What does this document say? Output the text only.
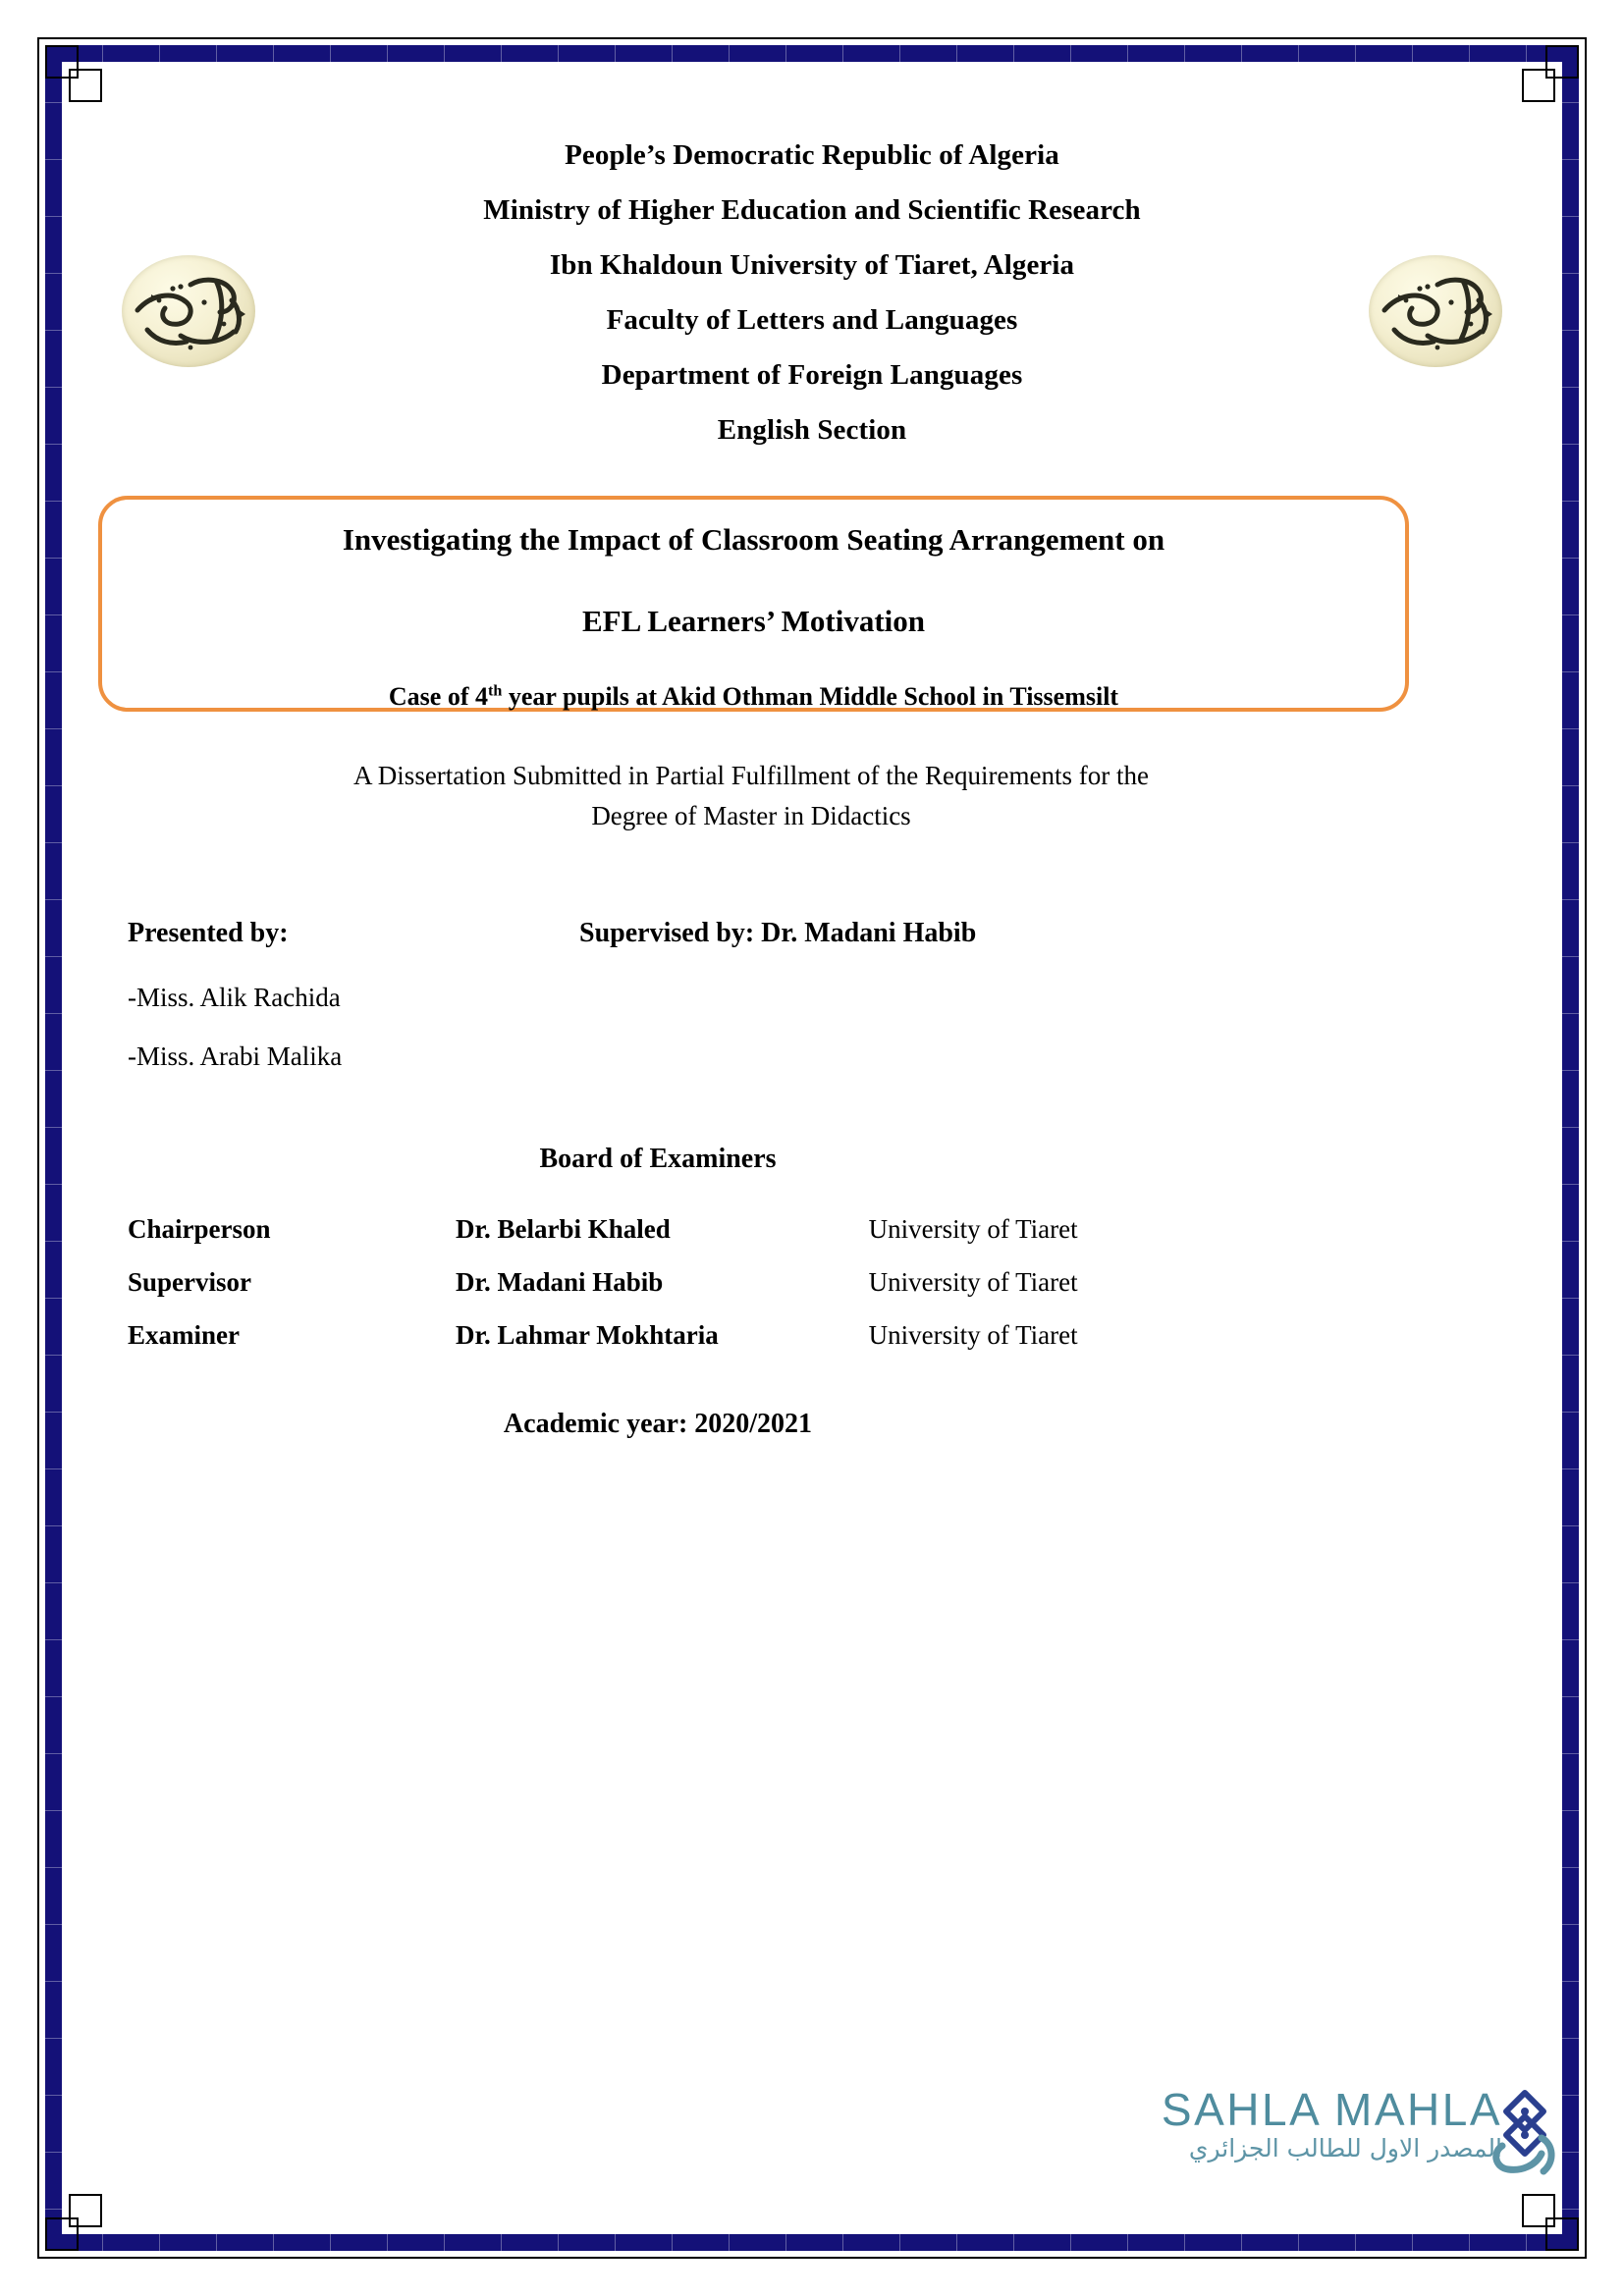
People’s Democratic Republic of Algeria
Ministry of Higher Education and Scientific Research
Ibn Khaldoun University of Tiaret, Algeria
Faculty of Letters and Languages
Department of Foreign Languages
English Section
Investigating the Impact of Classroom Seating Arrangement on
EFL Learners’ Motivation
Case of 4th year pupils at Akid Othman Middle School in Tissemsilt
A Dissertation Submitted in Partial Fulfillment of the Requirements for the
Degree of Master in Didactics
Presented by:	Supervised by: Dr. Madani Habib
-Miss. Alik Rachida
-Miss. Arabi Malika
Board of Examiners
Chairperson	Dr. Belarbi Khaled	University of Tiaret
Supervisor	Dr. Madani Habib	University of Tiaret
Examiner	Dr. Lahmar Mokhtaria	University of Tiaret
Academic year: 2020/2021
SAHLA MAHLA
المصدر الاول للطالب الجزائري
